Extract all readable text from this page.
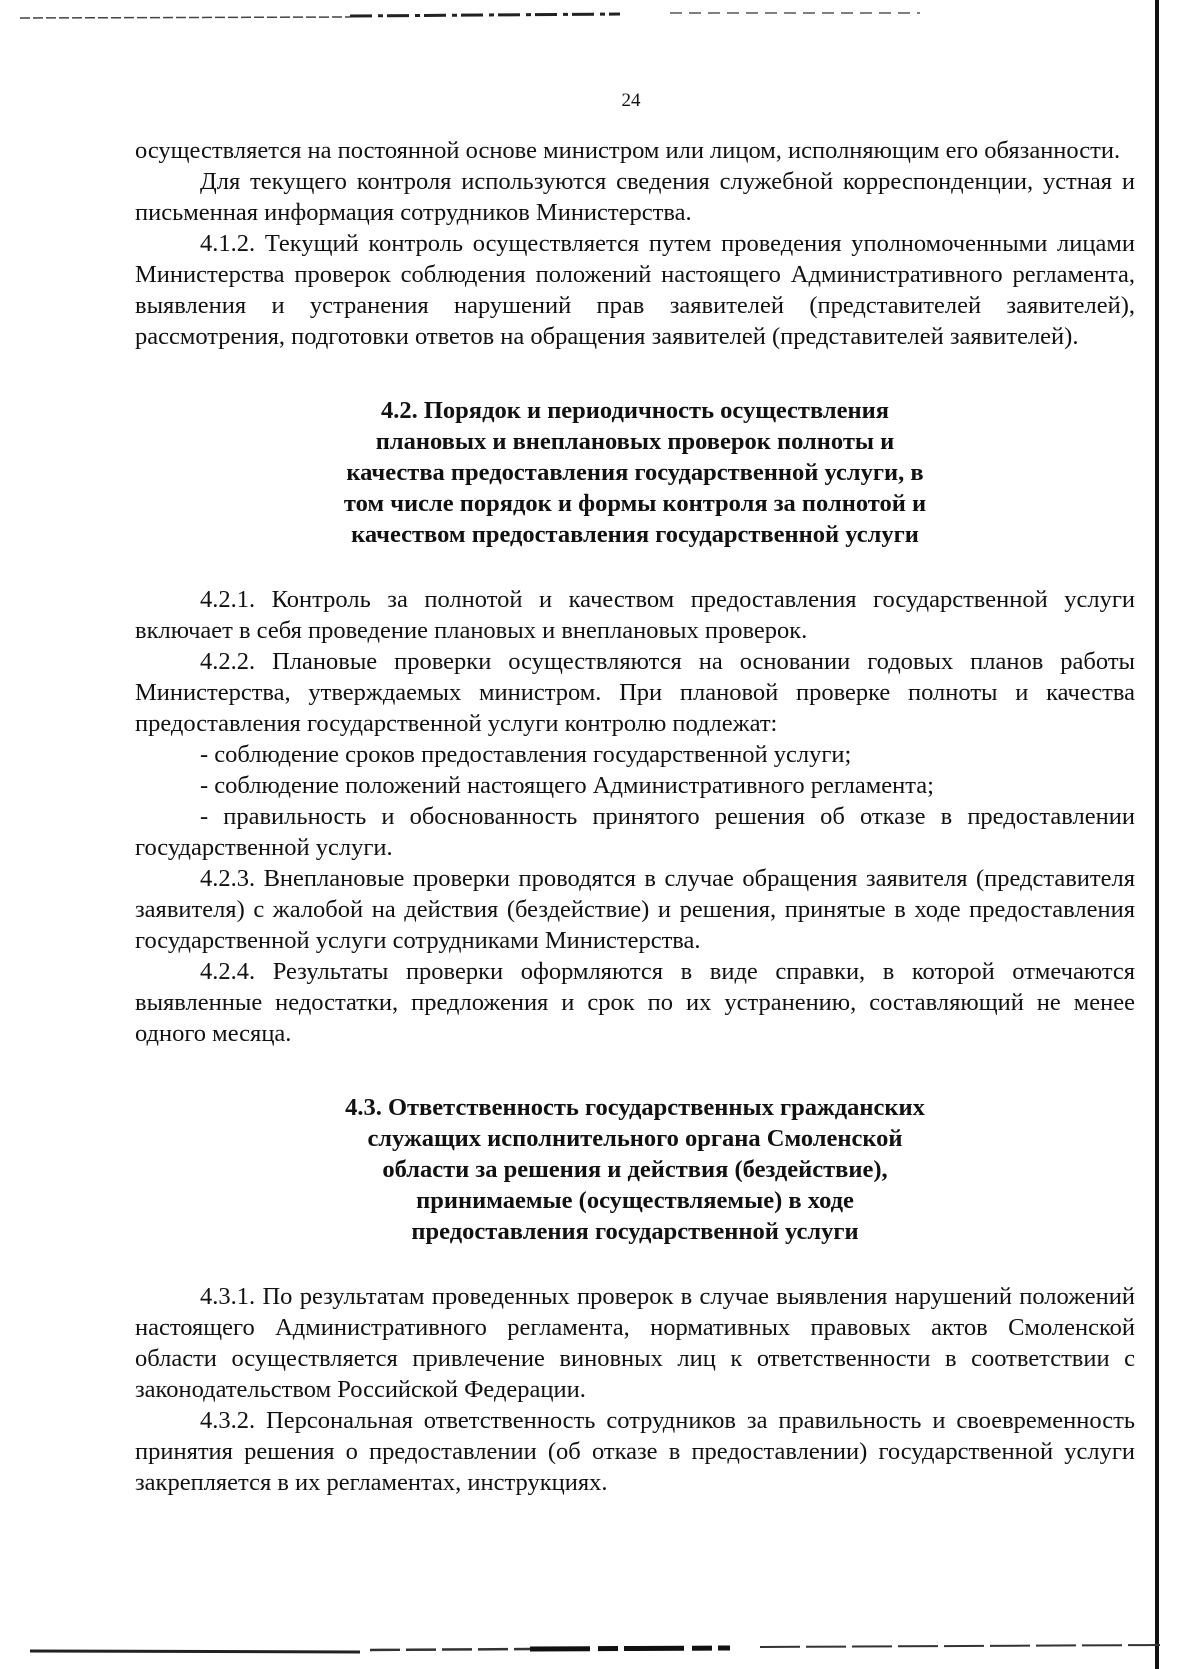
24

осуществляется на постоянной основе министром или лицом, исполняющим его обязанности.

Для текущего контроля используются сведения служебной корреспонденции, устная и письменная информация сотрудников Министерства.

4.1.2. Текущий контроль осуществляется путем проведения уполномоченными лицами Министерства проверок соблюдения положений настоящего Административного регламента, выявления и устранения нарушений прав заявителей (представителей заявителей), рассмотрения, подготовки ответов на обращения заявителей (представителей заявителей).

4.2. Порядок и периодичность осуществления плановых и внеплановых проверок полноты и качества предоставления государственной услуги, в том числе порядок и формы контроля за полнотой и качеством предоставления государственной услуги

4.2.1. Контроль за полнотой и качеством предоставления государственной услуги включает в себя проведение плановых и внеплановых проверок.

4.2.2. Плановые проверки осуществляются на основании годовых планов работы Министерства, утверждаемых министром. При плановой проверке полноты и качества предоставления государственной услуги контролю подлежат:

- соблюдение сроков предоставления государственной услуги;

- соблюдение положений настоящего Административного регламента;

- правильность и обоснованность принятого решения об отказе в предоставлении государственной услуги.

4.2.3. Внеплановые проверки проводятся в случае обращения заявителя (представителя заявителя) с жалобой на действия (бездействие) и решения, принятые в ходе предоставления государственной услуги сотрудниками Министерства.

4.2.4. Результаты проверки оформляются в виде справки, в которой отмечаются выявленные недостатки, предложения и срок по их устранению, составляющий не менее одного месяца.

4.3. Ответственность государственных гражданских служащих исполнительного органа Смоленской области за решения и действия (бездействие), принимаемые (осуществляемые) в ходе предоставления государственной услуги

4.3.1. По результатам проведенных проверок в случае выявления нарушений положений настоящего Административного регламента, нормативных правовых актов Смоленской области осуществляется привлечение виновных лиц к ответственности в соответствии с законодательством Российской Федерации.

4.3.2. Персональная ответственность сотрудников за правильность и своевременность принятия решения о предоставлении (об отказе в предоставлении) государственной услуги закрепляется в их регламентах, инструкциях.
